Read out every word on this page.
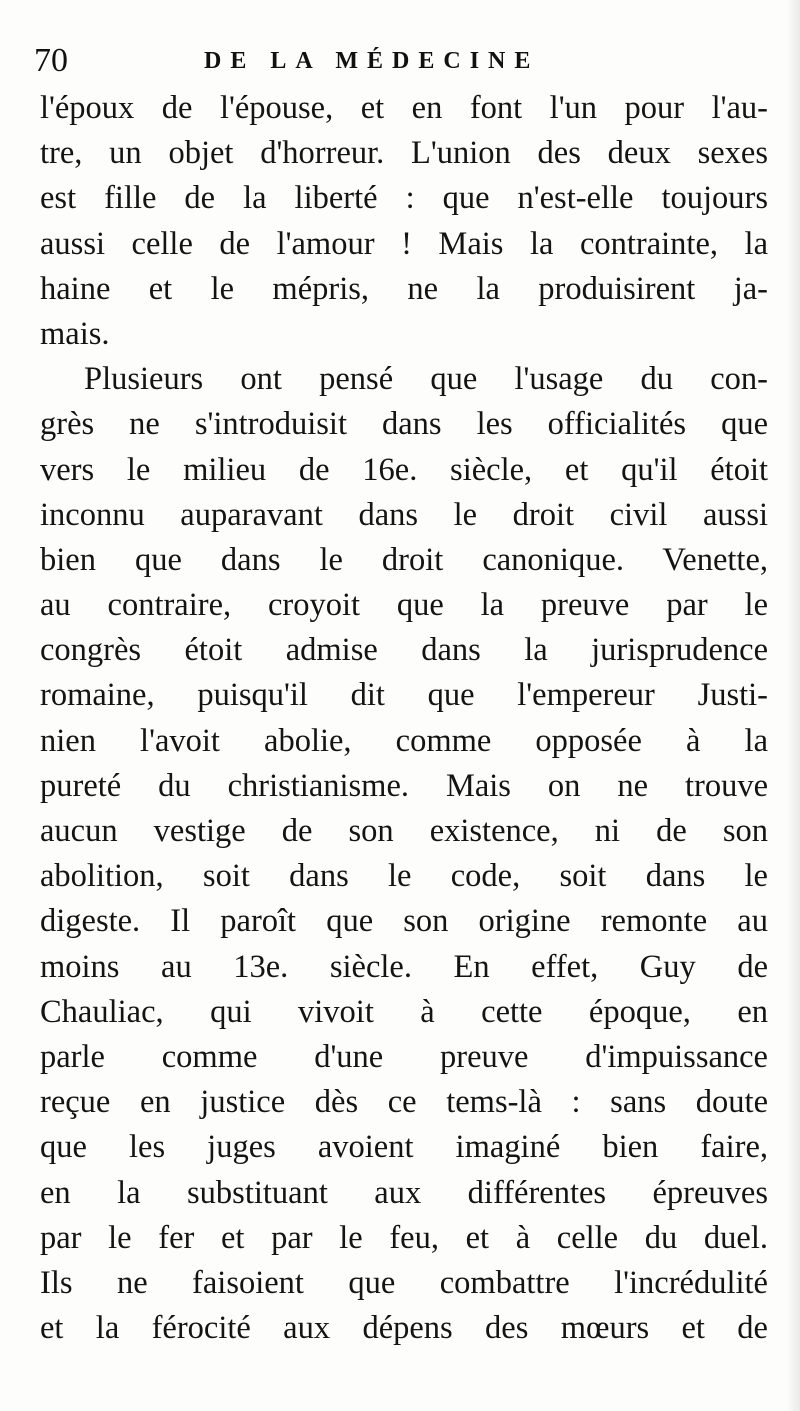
70	DE LA MÉDECINE
l'époux de l'épouse, et en font l'un pour l'au-
tre, un objet d'horreur. L'union des deux sexes
est fille de la liberté : que n'est-elle toujours
aussi celle de l'amour ! Mais la contrainte, la
haine et le mépris, ne la produisirent ja-
mais.
Plusieurs ont pensé que l'usage du con-
grès ne s'introduisit dans les officialités que
vers le milieu de 16e. siècle, et qu'il étoit
inconnu auparavant dans le droit civil aussi
bien que dans le droit canonique. Venette,
au contraire, croyoit que la preuve par le
congrès étoit admise dans la jurisprudence
romaine, puisqu'il dit que l'empereur Justi-
nien l'avoit abolie, comme opposée à la
pureté du christianisme. Mais on ne trouve
aucun vestige de son existence, ni de son
abolition, soit dans le code, soit dans le
digeste. Il paroît que son origine remonte au
moins au 13e. siècle. En effet, Guy de
Chauliac, qui vivoit à cette époque, en
parle comme d'une preuve d'impuissance
reçue en justice dès ce tems-là : sans doute
que les juges avoient imaginé bien faire,
en la substituant aux différentes épreuves
par le fer et par le feu, et à celle du duel.
Ils ne faisoient que combattre l'incrédulité
et la férocité aux dépens des mœurs et de
